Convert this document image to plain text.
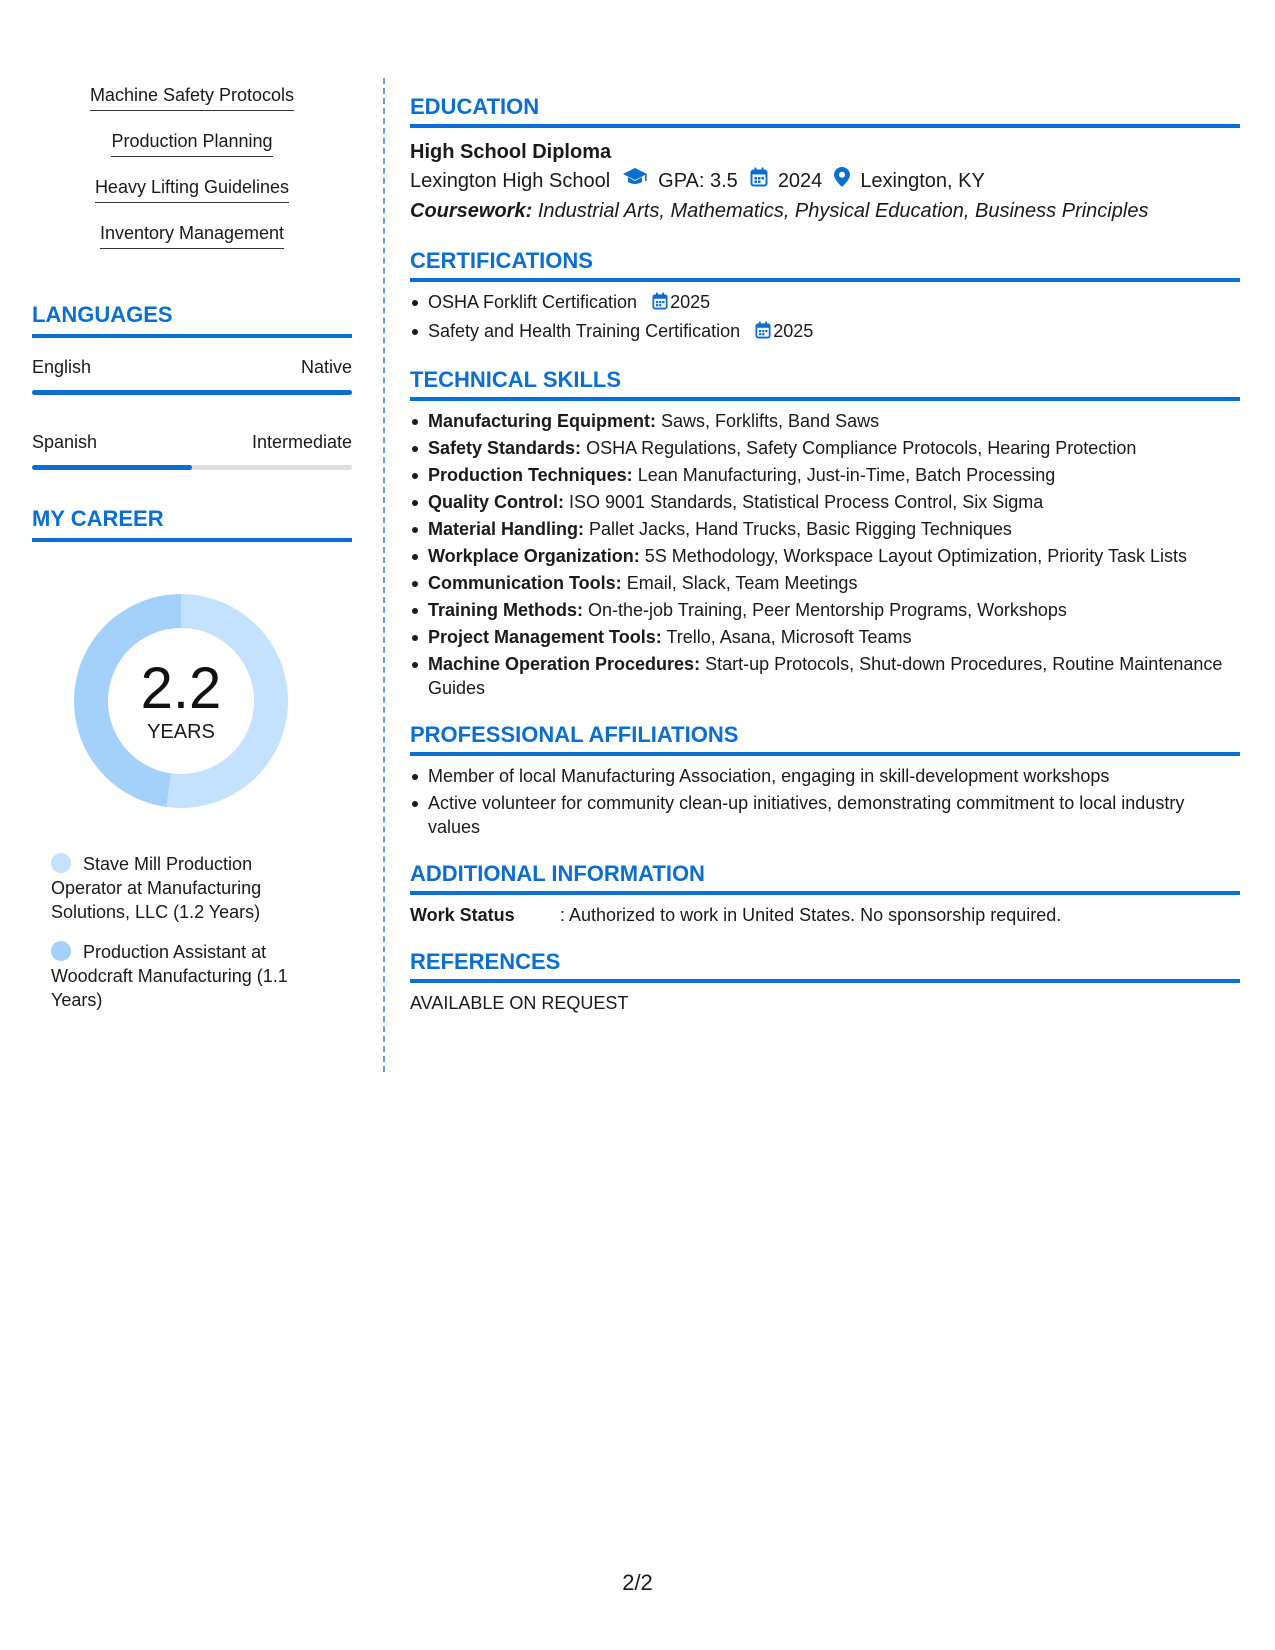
Machine Safety Protocols
Production Planning
Heavy Lifting Guidelines
Inventory Management
LANGUAGES
English	Native
Spanish	Intermediate
MY CAREER
2.2
YEARS
Stave Mill Production Operator at Manufacturing Solutions, LLC (1.2 Years)
Production Assistant at Woodcraft Manufacturing (1.1 Years)
EDUCATION
High School Diploma
Lexington High School GPA: 3.5 2024 Lexington, KY
Coursework: Industrial Arts, Mathematics, Physical Education, Business Principles
CERTIFICATIONS
OSHA Forklift Certification 2025
Safety and Health Training Certification 2025
TECHNICAL SKILLS
Manufacturing Equipment: Saws, Forklifts, Band Saws
Safety Standards: OSHA Regulations, Safety Compliance Protocols, Hearing Protection
Production Techniques: Lean Manufacturing, Just-in-Time, Batch Processing
Quality Control: ISO 9001 Standards, Statistical Process Control, Six Sigma
Material Handling: Pallet Jacks, Hand Trucks, Basic Rigging Techniques
Workplace Organization: 5S Methodology, Workspace Layout Optimization, Priority Task Lists
Communication Tools: Email, Slack, Team Meetings
Training Methods: On-the-job Training, Peer Mentorship Programs, Workshops
Project Management Tools: Trello, Asana, Microsoft Teams
Machine Operation Procedures: Start-up Protocols, Shut-down Procedures, Routine Maintenance Guides
PROFESSIONAL AFFILIATIONS
Member of local Manufacturing Association, engaging in skill-development workshops
Active volunteer for community clean-up initiatives, demonstrating commitment to local industry values
ADDITIONAL INFORMATION
Work Status	: Authorized to work in United States. No sponsorship required.
REFERENCES
AVAILABLE ON REQUEST
2/2
